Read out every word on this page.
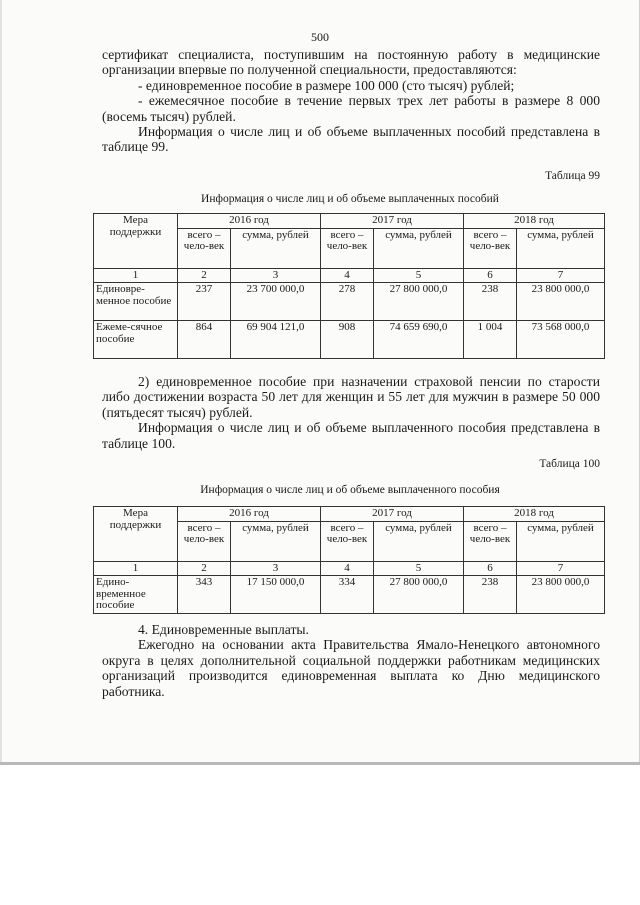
500

сертификат специалиста, поступившим на постоянную работу в медицинские организации впервые по полученной специальности, предоставляются:

- единовременное пособие в размере 100 000 (сто тысяч) рублей;

- ежемесячное пособие в течение первых трех лет работы в размере 8 000 (восемь тысяч) рублей.

Информация о числе лиц и об объеме выплаченных пособий представлена в таблице 99.

Таблица 99
Информация о числе лиц и об объеме выплаченных пособий
Мера поддержки	2016 год		2017 год		2018 год	
	всего – чело-век	сумма, рублей	всего – чело-век	сумма, рублей	всего – чело-век	сумма, рублей
1	2	3	4	5	6	7
Единовре-менное пособие	237	23 700 000,0	278	27 800 000,0	238	23 800 000,0
Ежеме-сячное пособие	864	69 904 121,0	908	74 659 690,0	1 004	73 568 000,0

2) единовременное пособие при назначении страховой пенсии по старости либо достижении возраста 50 лет для женщин и 55 лет для мужчин в размере 50 000 (пятьдесят тысяч) рублей.

Информация о числе лиц и об объеме выплаченного пособия представлена в таблице 100.

Таблица 100
Информация о числе лиц и об объеме выплаченного пособия
Мера поддержки	2016 год		2017 год		2018 год	
	всего – чело-век	сумма, рублей	всего – чело-век	сумма, рублей	всего – чело-век	сумма, рублей
1	2	3	4	5	6	7
Едино-временное пособие	343	17 150 000,0	334	27 800 000,0	238	23 800 000,0

4. Единовременные выплаты.

Ежегодно на основании акта Правительства Ямало-Ненецкого автономного округа в целях дополнительной социальной поддержки работникам медицинских организаций производится единовременная выплата ко Дню медицинского работника.
